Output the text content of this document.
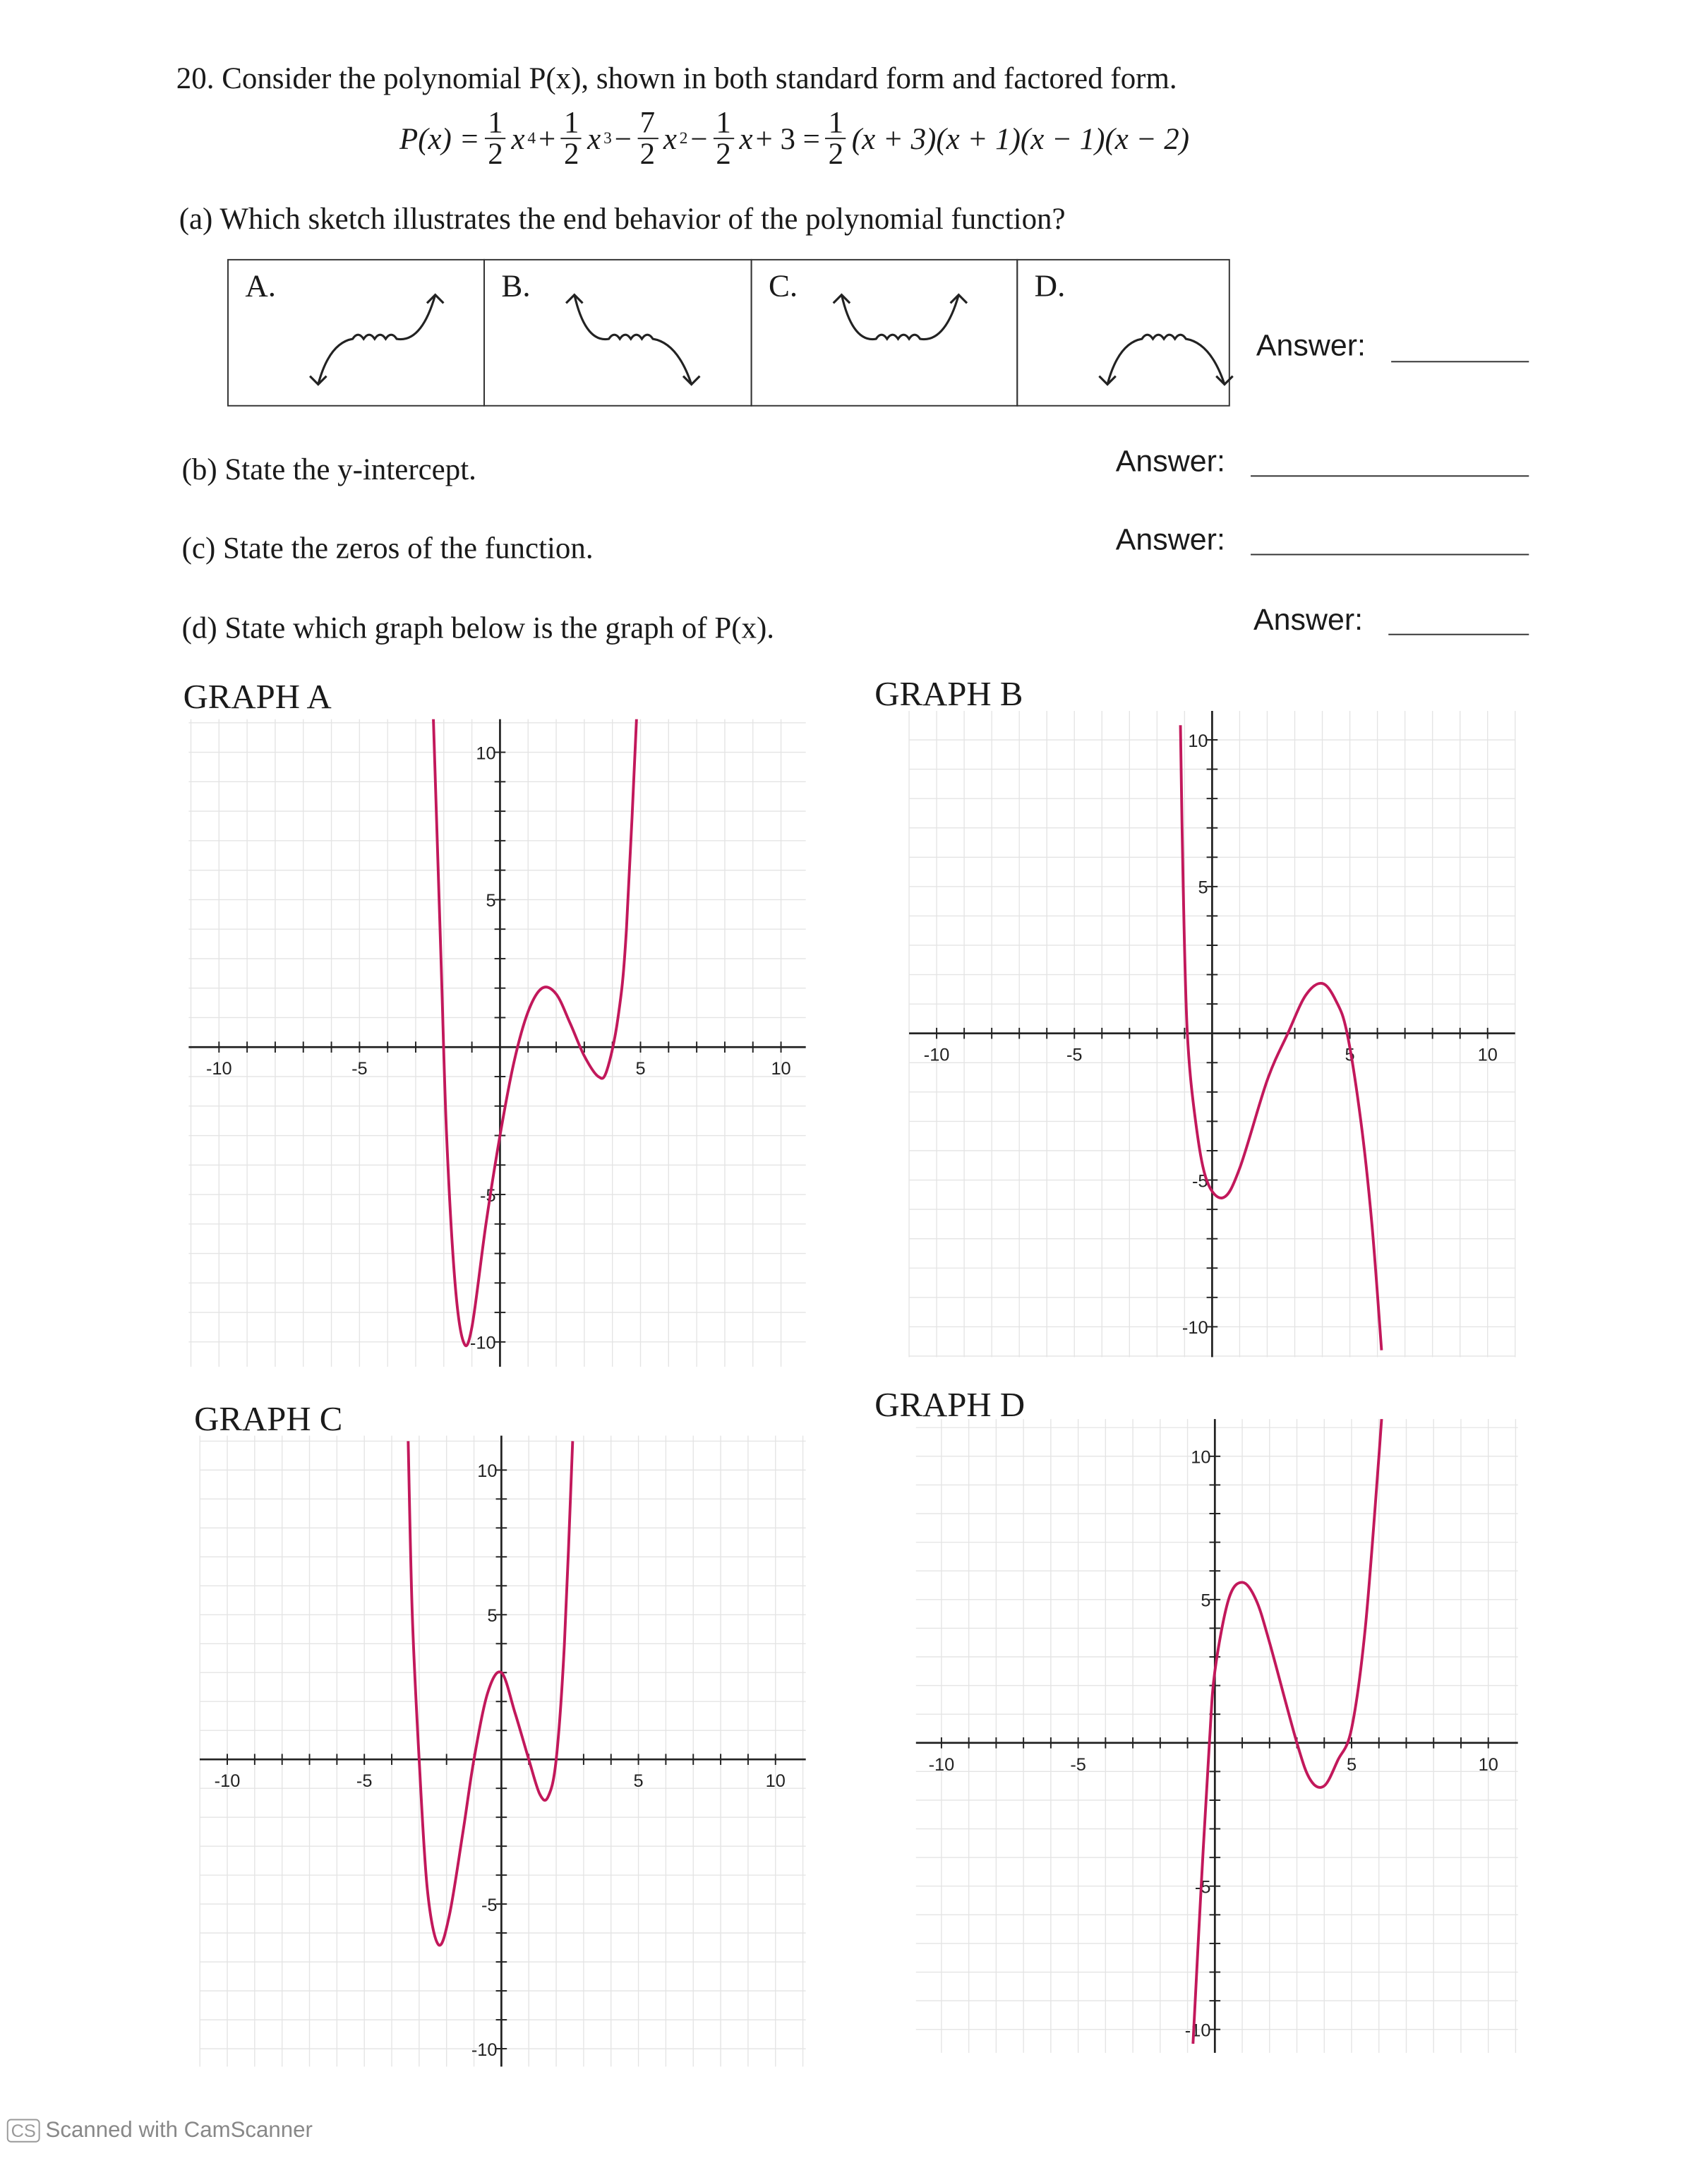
20. Consider the polynomial P(x), shown in both standard form and factored form.
$P(x) = \frac{1}{2}$ x $4 + \frac{1}{2}$ x $3 - \frac{7}{2}$ x $2 - \frac{1}{2}$ $x + 3 = \frac{1}{2} (x + 3)(x + 1)(x - 1)(x - 2)$
(a) Which sketch illustrates the end behavior of the polynomial function?
A.	B.	C.	D.
Answer:
(b) State the y-intercept.	Answer:
(c) State the zeros of the function.	Answer:
(d) State which graph below is the graph of P(x).	Answer:
GRAPH A	GRAPH B
GRAPH C	GRAPH D
-10	-5	5	10
10
5
-5
-10
-10	-5	5	10
10
5
-5
-10
-10	-5	5	10
10
5
-5
-10
-10	-5	5	10
10
5
-5
-10
CS Scanned with CamScanner
